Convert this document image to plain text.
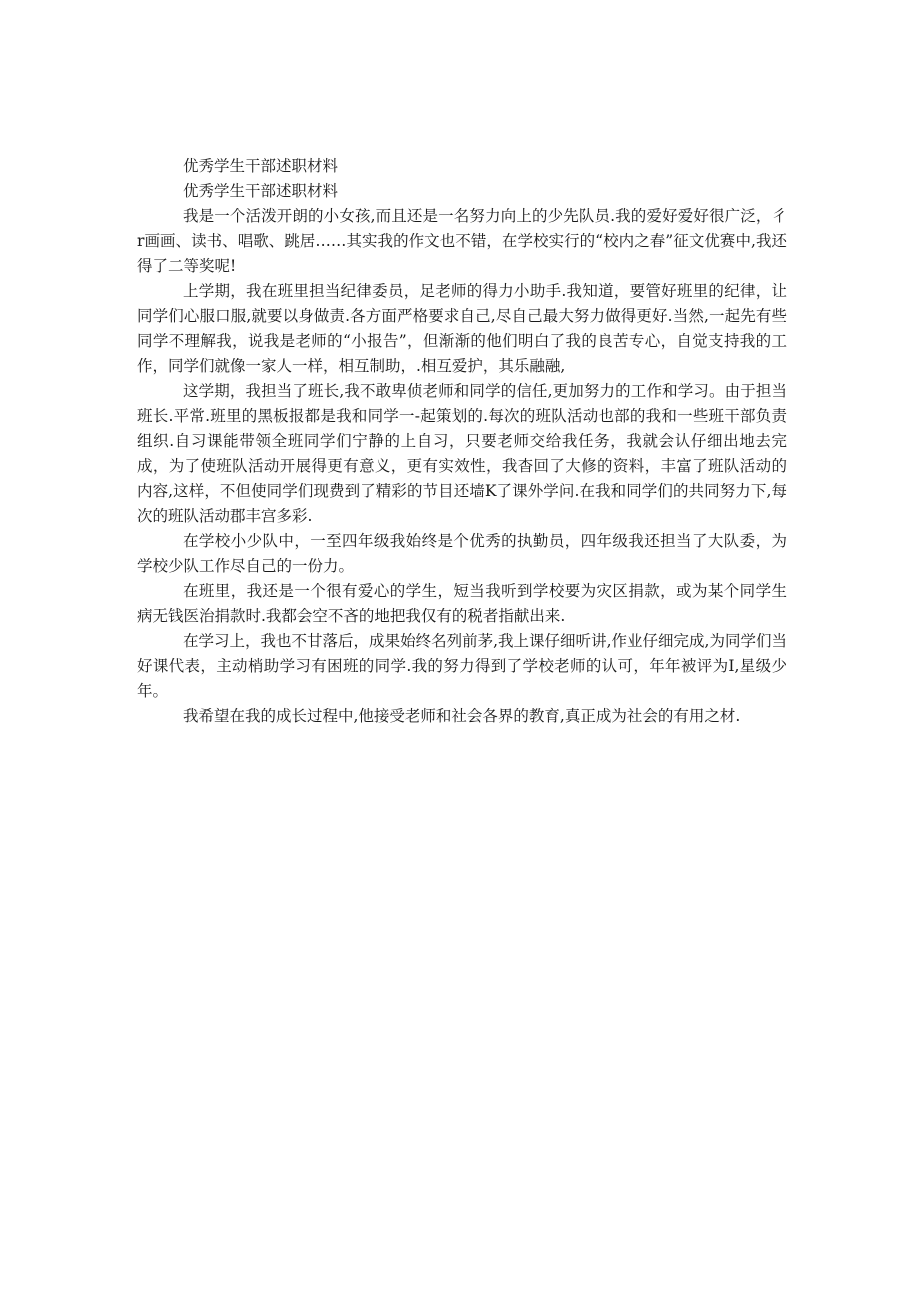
优秀学生干部述职材料

优秀学生干部述职材料

我是一个活泼开朗的小女孩,而且还是一名努力向上的少先队员.我的爱好爱好很广泛，彳r画画、读书、唱歌、跳居……其实我的作文也不错，在学校实行的“校内之春”征文优赛中,我还得了二等奖呢!

上学期，我在班里担当纪律委员，足老师的得力小助手.我知道，要管好班里的纪律，让同学们心服口服,就要以身做责.各方面严格要求自己,尽自己最大努力做得更好.当然,一起先有些同学不理解我，说我是老师的“小报告”，但渐渐的他们明白了我的良苦专心，自觉支持我的工作，同学们就像一家人一样，相互制助，.相互爱护，其乐融融,

这学期，我担当了班长,我不敢卑侦老师和同学的信任,更加努力的工作和学习。由于担当班长.平常.班里的黑板报都是我和同学一-起策划的.每次的班队活动也部的我和一些班干部负责组织.自习课能带领全班同学们宁静的上自习，只要老师交给我任务，我就会认仔细出地去完成，为了使班队活动开展得更有意义，更有实效性，我杳回了大修的资料，丰富了班队活动的内容,这样，不但使同学们现费到了精彩的节目还墙K了课外学问.在我和同学们的共同努力下,每次的班队活动郡丰宫多彩.

在学校小少队中，一至四年级我始终是个优秀的执勤员，四年级我还担当了大队委，为学校少队工作尽自己的一份力。

在班里，我还是一个很有爱心的学生，短当我听到学校要为灾区捐款，或为某个同学生病无钱医治捐款时.我都会空不吝的地把我仅有的税者指献出来.

在学习上，我也不甘落后，成果始终名列前茅,我上课仔细听讲,作业仔细完成,为同学们当好课代表，主动梢助学习有困班的同学.我的努力得到了学校老师的认可，年年被评为I,星级少年。

我希望在我的成长过程中,他接受老师和社会各界的教育,真正成为社会的有用之材.
